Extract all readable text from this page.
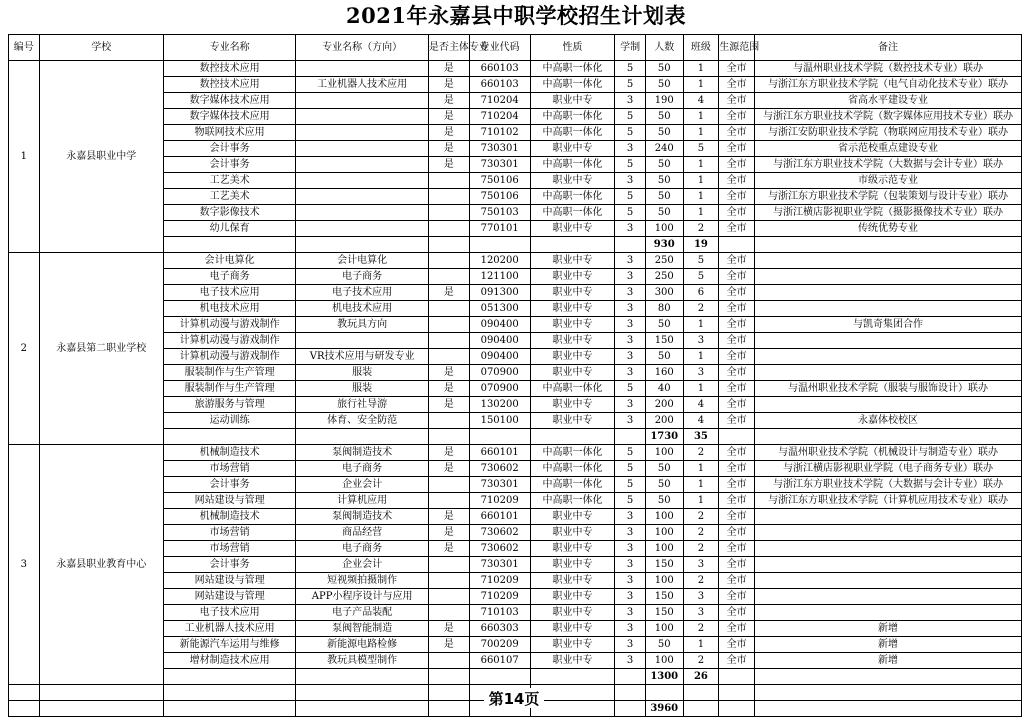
2021年永嘉县中职学校招生计划表
编号	学校	专业名称	专业名称（方向）	是否主体专业	专业代码	性质	学制	人数	班级	生源范围	备注
1	永嘉县职业中学	数控技术应用		是	660103	中高职一体化	5	50	1	全市	与温州职业技术学院（数控技术专业）联办
		数控技术应用	工业机器人技术应用	是	660103	中高职一体化	5	50	1	全市	与浙江东方职业技术学院（电气自动化技术专业）联办
		数字媒体技术应用		是	710204	职业中专	3	190	4	全市	省高水平建设专业
		数字媒体技术应用		是	710204	中高职一体化	5	50	1	全市	与浙江东方职业技术学院（数字媒体应用技术专业）联办
		物联网技术应用		是	710102	中高职一体化	5	50	1	全市	与浙江安防职业技术学院（物联网应用技术专业）联办
		会计事务		是	730301	职业中专	3	240	5	全市	省示范校重点建设专业
		会计事务		是	730301	中高职一体化	5	50	1	全市	与浙江东方职业技术学院（大数据与会计专业）联办
		工艺美术			750106	职业中专	3	50	1	全市	市级示范专业
		工艺美术			750106	中高职一体化	5	50	1	全市	与浙江东方职业技术学院（包装策划与设计专业）联办
		数字影像技术			750103	中高职一体化	5	50	1	全市	与浙江横店影视职业学院（摄影摄像技术专业）联办
		幼儿保育			770101	职业中专	3	100	2	全市	传统优势专业
								930	19		
2	永嘉县第二职业学校	会计电算化	会计电算化		120200	职业中专	3	250	5	全市	
		电子商务	电子商务		121100	职业中专	3	250	5	全市	
		电子技术应用	电子技术应用	是	091300	职业中专	3	300	6	全市	
		机电技术应用	机电技术应用		051300	职业中专	3	80	2	全市	
		计算机动漫与游戏制作	教玩具方向		090400	职业中专	3	50	1	全市	与凯奇集团合作
		计算机动漫与游戏制作			090400	职业中专	3	150	3	全市	
		计算机动漫与游戏制作	VR技术应用与研发专业		090400	职业中专	3	50	1	全市	
		服装制作与生产管理	服装	是	070900	职业中专	3	160	3	全市	
		服装制作与生产管理	服装	是	070900	中高职一体化	5	40	1	全市	与温州职业技术学院（服装与服饰设计）联办
		旅游服务与管理	旅行社导游	是	130200	职业中专	3	200	4	全市	
		运动训练	体育、安全防范		150100	职业中专	3	200	4	全市	永嘉体校校区
								1730	35		
3	永嘉县职业教育中心	机械制造技术	泵阀制造技术	是	660101	中高职一体化	5	100	2	全市	与温州职业技术学院（机械设计与制造专业）联办
		市场营销	电子商务	是	730602	中高职一体化	5	50	1	全市	与浙江横店影视职业学院（电子商务专业）联办
		会计事务	企业会计		730301	中高职一体化	5	50	1	全市	与浙江东方职业技术学院（大数据与会计专业）联办
		网站建设与管理	计算机应用		710209	中高职一体化	5	50	1	全市	与浙江东方职业技术学院（计算机应用技术专业）联办
		机械制造技术	泵阀制造技术	是	660101	职业中专	3	100	2	全市	
		市场营销	商品经营	是	730602	职业中专	3	100	2	全市	
		市场营销	电子商务	是	730602	职业中专	3	100	2	全市	
		会计事务	企业会计		730301	职业中专	3	150	3	全市	
		网站建设与管理	短视频拍摄制作		710209	职业中专	3	100	2	全市	
		网站建设与管理	APP小程序设计与应用		710209	职业中专	3	150	3	全市	
		电子技术应用	电子产品装配		710103	职业中专	3	150	3	全市	
		工业机器人技术应用	泵阀智能制造	是	660303	职业中专	3	100	2	全市	新增
		新能源汽车运用与维修	新能源电路检修	是	700209	职业中专	3	50	1	全市	新增
		增材制造技术应用	教玩具模型制作		660107	职业中专	3	100	2	全市	新增
								1300	26		

								3960			
第14页
